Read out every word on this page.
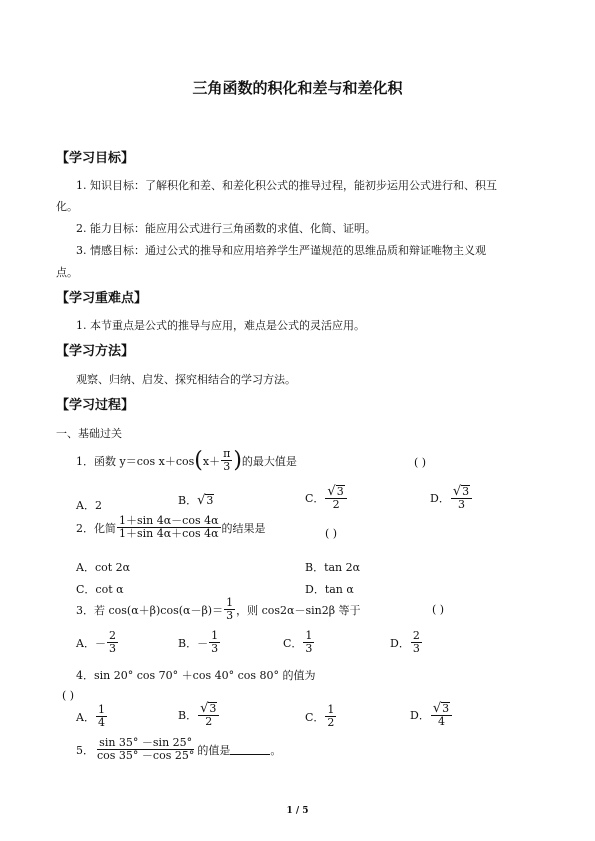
三角函数的积化和差与和差化积
【学习目标】
1. 知识目标：了解积化和差、和差化积公式的推导过程，能初步运用公式进行和、积互
化。
2. 能力目标：能应用公式进行三角函数的求值、化简、证明。
3. 情感目标：通过公式的推导和应用培养学生严谨规范的思维品质和辩证唯物主义观
点。
【学习重难点】
1. 本节重点是公式的推导与应用，难点是公式的灵活应用。
【学习方法】
观察、归纳、启发、探究相结合的学习方法。
【学习过程】
一、基础过关
1．函数 y＝cos x＋cos ( $x+ \frac{\pi}{3}$ ) 的最大值是	( )
A．2	B． √ 3	C． $\frac{√ 3}{2}$	D． $\frac{√ 3}{3}$
2．化简 $\frac{1+\sin 4\alpha-\cos 4\alpha}{1+\sin 4\alpha+\cos 4\alpha}$ 的结果是	( )
A．cot 2α	B．tan 2α
C．cot α	D．tan α
3．若 $\cos(\alpha+\beta)\cos(\alpha-\beta)= \frac{1}{3}$ ，则 cos2α－sin2β 等于	( )
A．－ $\frac{2}{3}$	B．－ $\frac{1}{3}$	C． $\frac{1}{3}$	D． $\frac{2}{3}$
4．sin 20° cos 70° ＋cos 40° cos 80° 的值为
( )
A． $\frac{1}{4}$	B． $\frac{√ 3}{2}$	C． $\frac{1}{2}$	D． $\frac{√ 3}{4}$
5． $\frac{\sin 35^\circ -\sin 25^\circ}{\cos 35^\circ -\cos 25^\circ}$ 的值是	。
1 / 5
